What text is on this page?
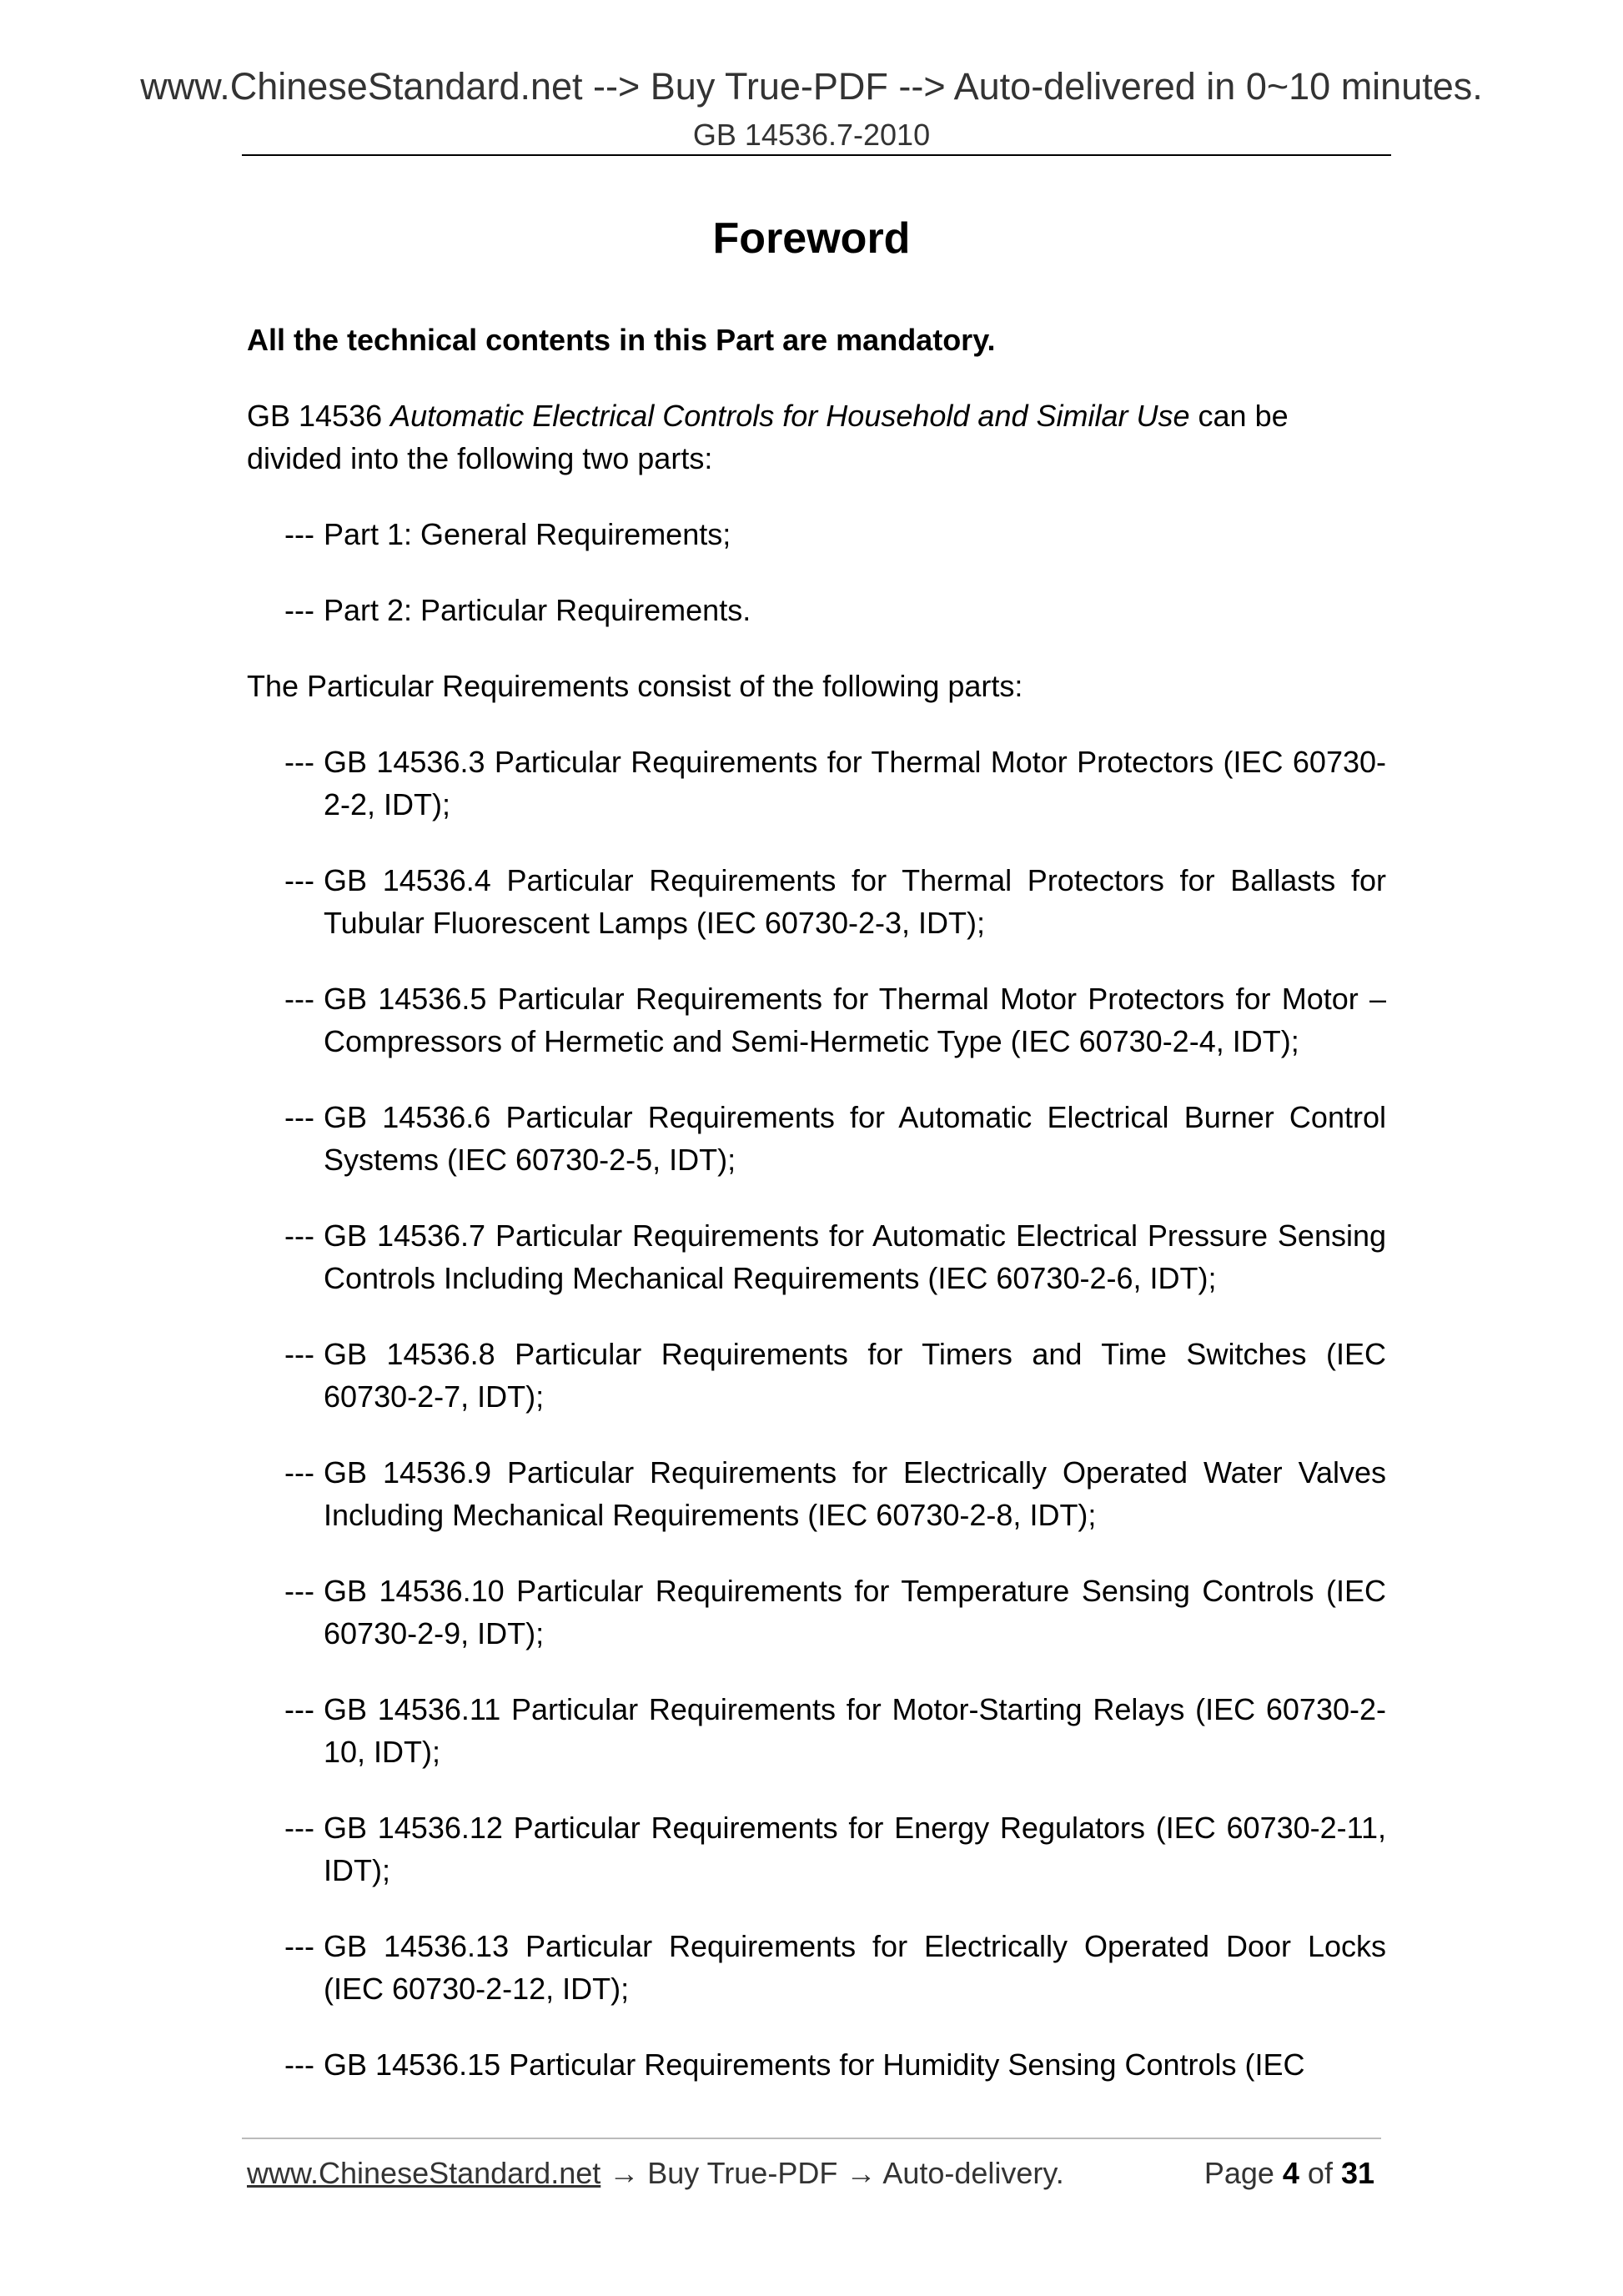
www.ChineseStandard.net --> Buy True-PDF --> Auto-delivered in 0~10 minutes.
GB 14536.7-2010
Foreword

All the technical contents in this Part are mandatory.

GB 14536 Automatic Electrical Controls for Household and Similar Use can be divided into the following two parts:

--- Part 1: General Requirements;

--- Part 2: Particular Requirements.

The Particular Requirements consist of the following parts:

--- GB 14536.3 Particular Requirements for Thermal Motor Protectors (IEC 60730-2-2, IDT);

--- GB 14536.4 Particular Requirements for Thermal Protectors for Ballasts for Tubular Fluorescent Lamps (IEC 60730-2-3, IDT);

--- GB 14536.5 Particular Requirements for Thermal Motor Protectors for Motor – Compressors of Hermetic and Semi-Hermetic Type (IEC 60730-2-4, IDT);

--- GB 14536.6 Particular Requirements for Automatic Electrical Burner Control Systems (IEC 60730-2-5, IDT);

--- GB 14536.7 Particular Requirements for Automatic Electrical Pressure Sensing Controls Including Mechanical Requirements (IEC 60730-2-6, IDT);

--- GB 14536.8 Particular Requirements for Timers and Time Switches (IEC 60730-2-7, IDT);

--- GB 14536.9 Particular Requirements for Electrically Operated Water Valves Including Mechanical Requirements (IEC 60730-2-8, IDT);

--- GB 14536.10 Particular Requirements for Temperature Sensing Controls (IEC 60730-2-9, IDT);

--- GB 14536.11 Particular Requirements for Motor-Starting Relays (IEC 60730-2-10, IDT);

--- GB 14536.12 Particular Requirements for Energy Regulators (IEC 60730-2-11, IDT);

--- GB 14536.13 Particular Requirements for Electrically Operated Door Locks (IEC 60730-2-12, IDT);

--- GB 14536.15 Particular Requirements for Humidity Sensing Controls (IEC

www.ChineseStandard.net → Buy True-PDF → Auto-delivery.	Page 4 of 31
